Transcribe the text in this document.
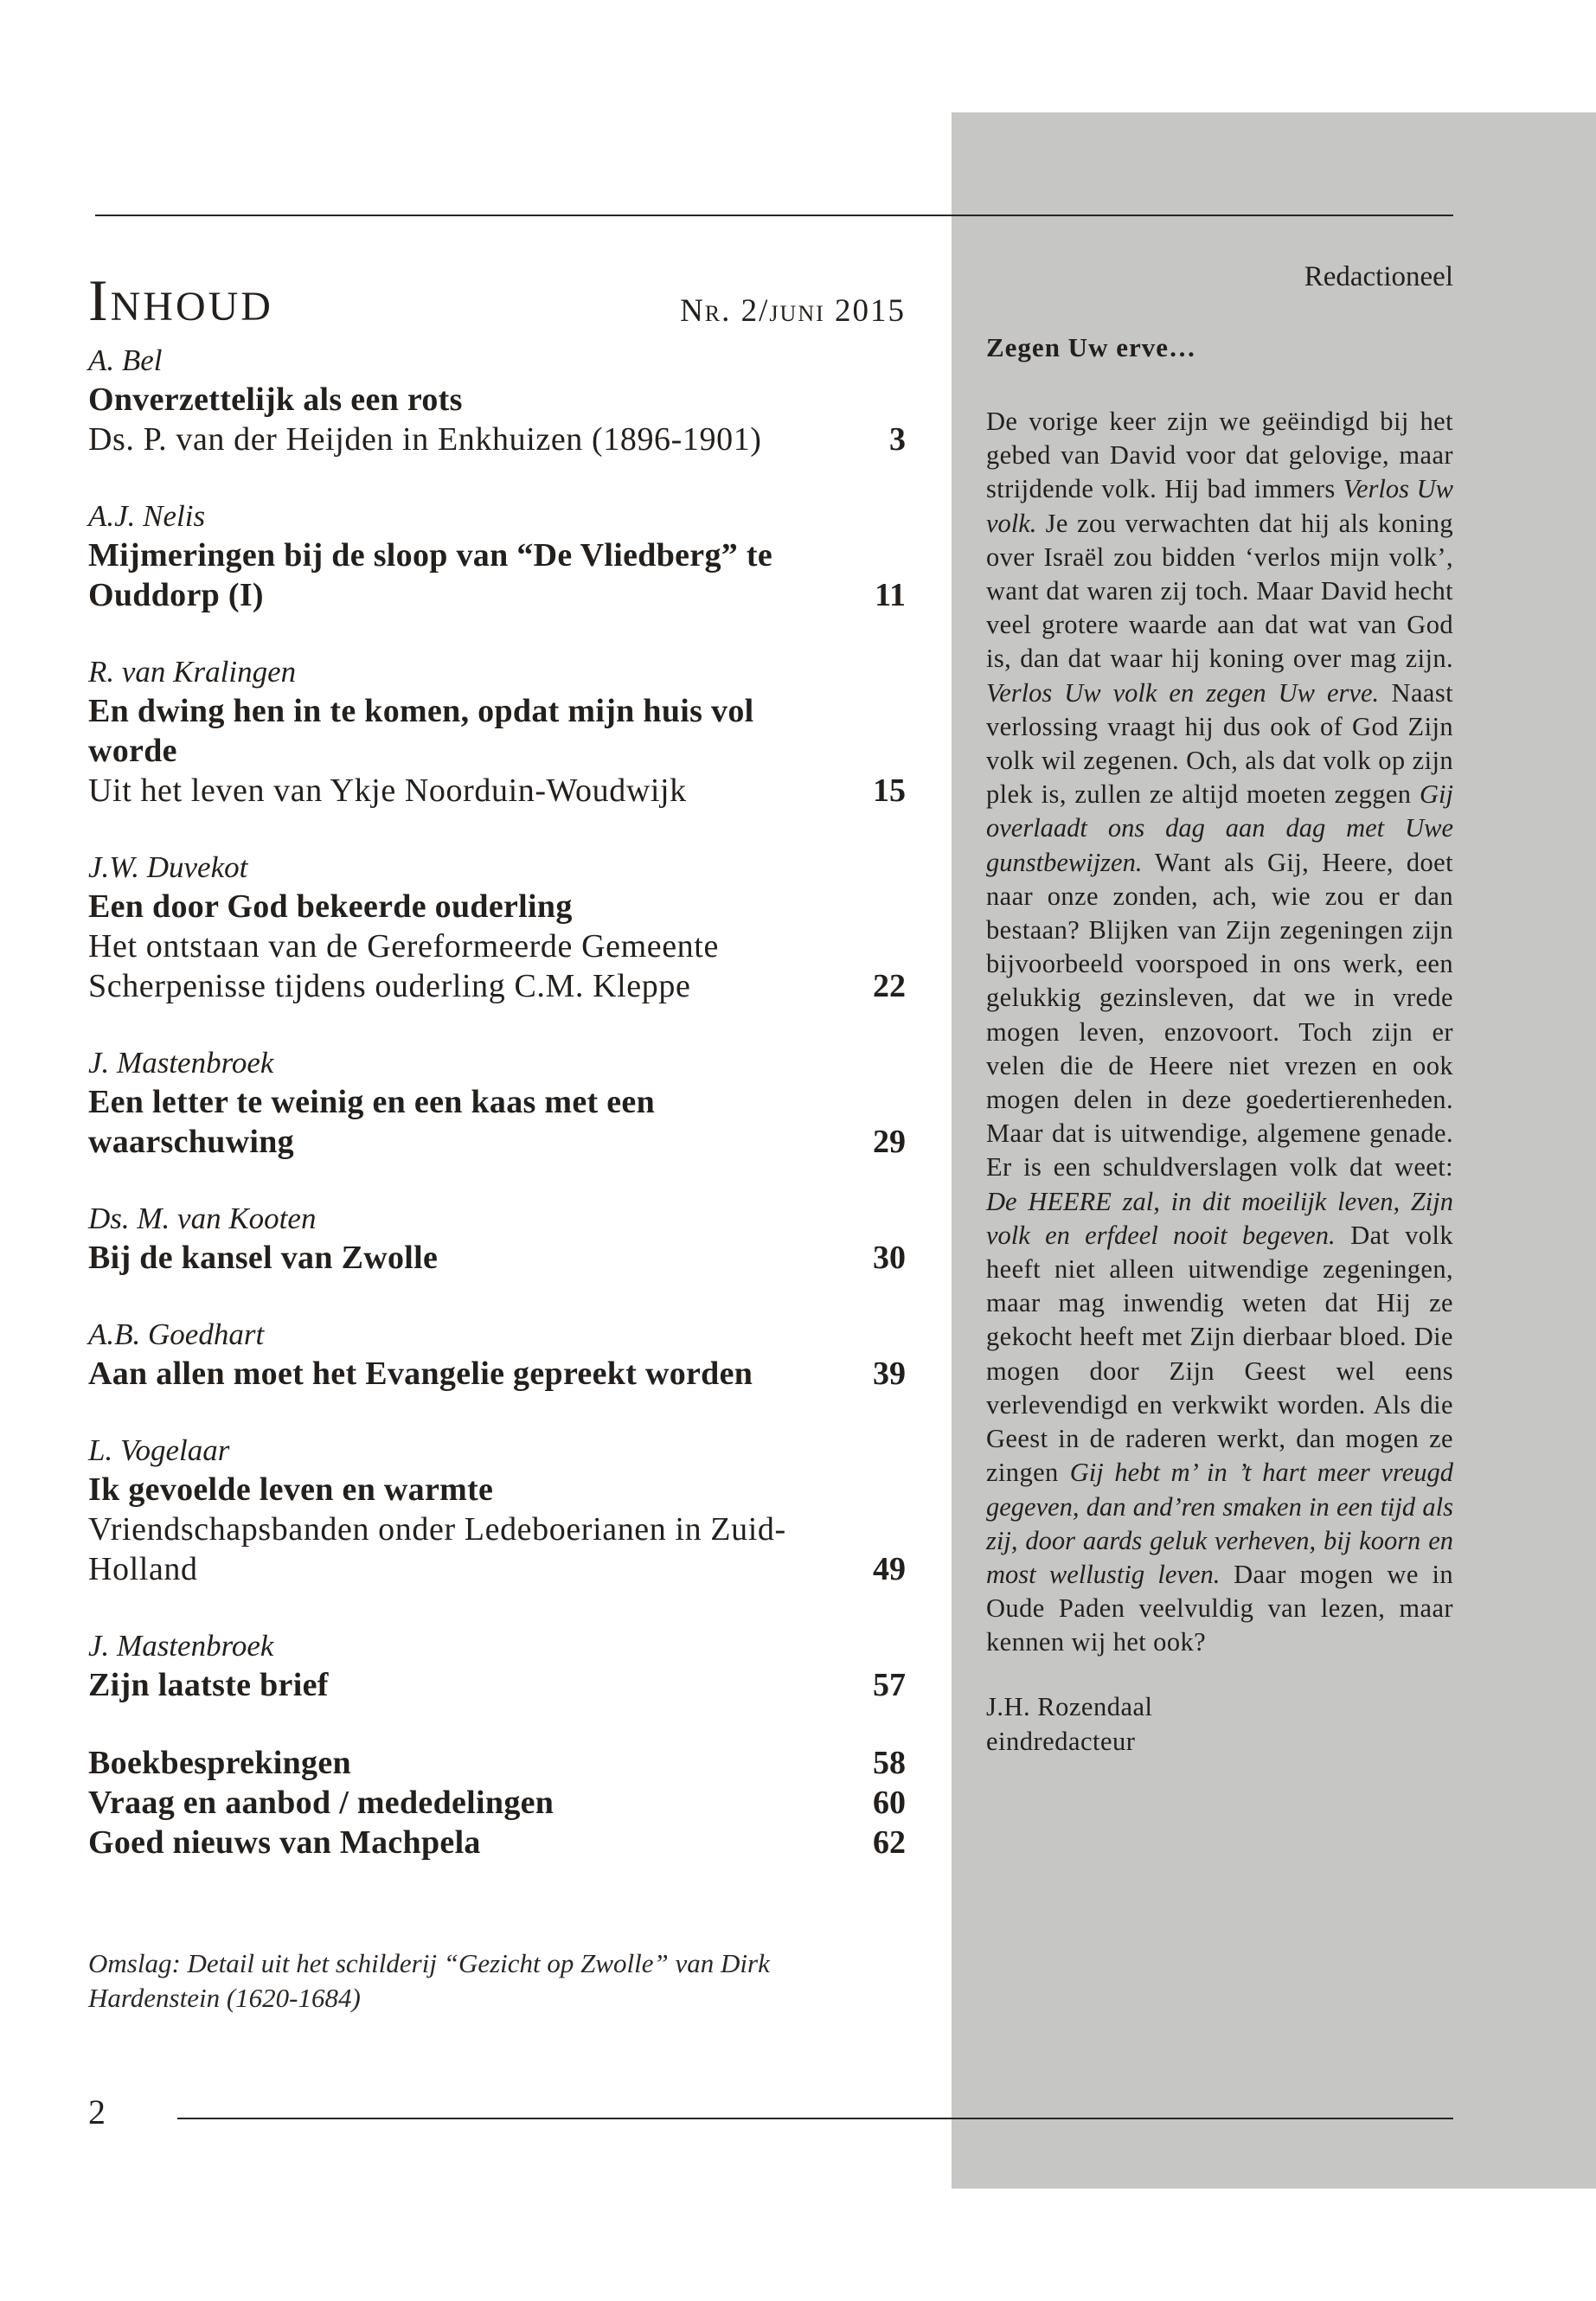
Inhoud	Nr. 2/juni 2015
A. Bel
Onverzettelijk als een rots
Ds. P. van der Heijden in Enkhuizen (1896-1901)	3
A.J. Nelis
Mijmeringen bij de sloop van “De Vliedberg” te Ouddorp (I)	11
R. van Kralingen
En dwing hen in te komen, opdat mijn huis vol worde
Uit het leven van Ykje Noorduin-Woudwijk	15
J.W. Duvekot
Een door God bekeerde ouderling
Het ontstaan van de Gereformeerde Gemeente Scherpenisse tijdens ouderling C.M. Kleppe	22
J. Mastenbroek
Een letter te weinig en een kaas met een waarschuwing	29
Ds. M. van Kooten
Bij de kansel van Zwolle	30
A.B. Goedhart
Aan allen moet het Evangelie gepreekt worden	39
L. Vogelaar
Ik gevoelde leven en warmte
Vriendschapsbanden onder Ledeboerianen in Zuid-Holland	49
J. Mastenbroek
Zijn laatste brief	57
Boekbesprekingen	58
Vraag en aanbod / mededelingen	60
Goed nieuws van Machpela	62
Omslag: Detail uit het schilderij “Gezicht op Zwolle” van Dirk Hardenstein (1620-1684)
Redactioneel
Zegen Uw erve…
De vorige keer zijn we geëindigd bij het gebed van David voor dat gelovige, maar strijdende volk. Hij bad immers Verlos Uw volk. Je zou verwachten dat hij als koning over Israël zou bidden ‘verlos mijn volk’, want dat waren zij toch. Maar David hecht veel grotere waarde aan dat wat van God is, dan dat waar hij koning over mag zijn. Verlos Uw volk en zegen Uw erve. Naast verlossing vraagt hij dus ook of God Zijn volk wil zegenen. Och, als dat volk op zijn plek is, zullen ze altijd moeten zeggen Gij overlaadt ons dag aan dag met Uwe gunstbewijzen. Want als Gij, Heere, doet naar onze zonden, ach, wie zou er dan bestaan? Blijken van Zijn zegeningen zijn bijvoorbeeld voorspoed in ons werk, een gelukkig gezinsleven, dat we in vrede mogen leven, enzovoort. Toch zijn er velen die de Heere niet vrezen en ook mogen delen in deze goedertierenheden. Maar dat is uitwendige, algemene genade. Er is een schuldverslagen volk dat weet: De HEERE zal, in dit moeilijk leven, Zijn volk en erfdeel nooit begeven. Dat volk heeft niet alleen uitwendige zegeningen, maar mag inwendig weten dat Hij ze gekocht heeft met Zijn dierbaar bloed. Die mogen door Zijn Geest wel eens verlevendigd en verkwikt worden. Als die Geest in de raderen werkt, dan mogen ze zingen Gij hebt m’ in ’t hart meer vreugd gegeven, dan and’ren smaken in een tijd als zij, door aards geluk verheven, bij koorn en most wellustig leven. Daar mogen we in Oude Paden veelvuldig van lezen, maar kennen wij het ook?
J.H. Rozendaal
eindredacteur
2
